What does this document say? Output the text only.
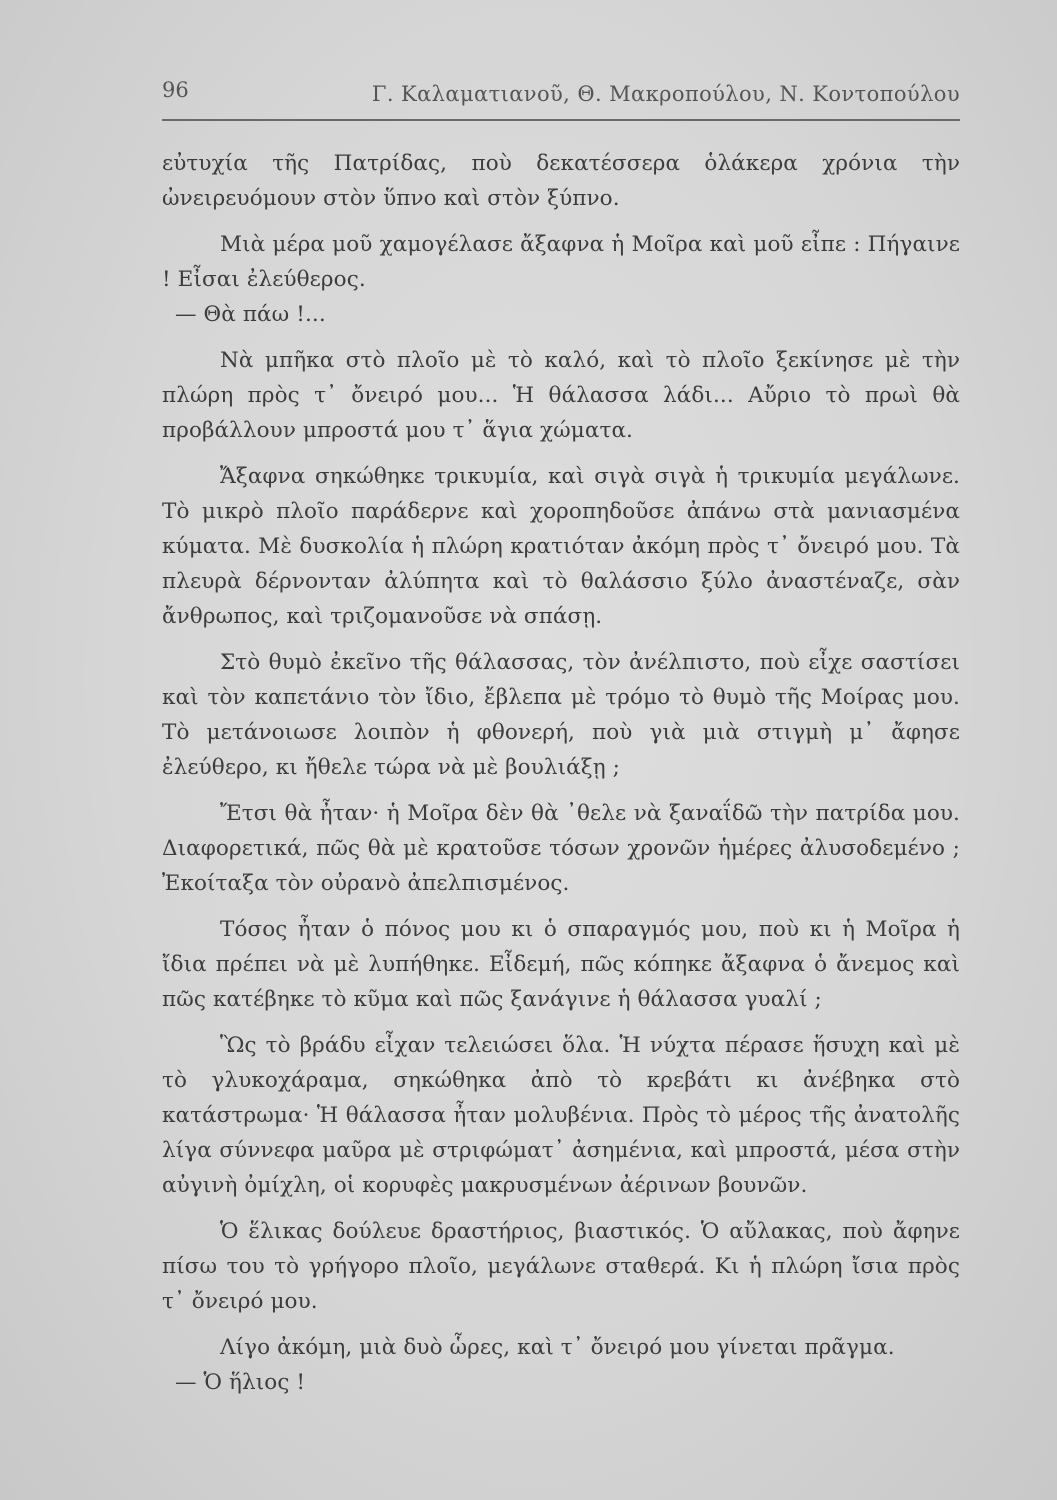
96	Γ. Καλαματιανοῦ, Θ. Μακροπούλου, Ν. Κοντοπούλου

εὐτυχία τῆς Πατρίδας, ποὺ δεκατέσσερα ὁλάκερα χρόνια τὴν ὠνειρευόμουν στὸν ὕπνο καὶ στὸν ξύπνο.

Μιὰ μέρα μοῦ χαμογέλασε ἄξαφνα ἡ Μοῖρα καὶ μοῦ εἶπε : Πήγαινε ! Εἶσαι ἐλεύθερος.

— Θὰ πάω !...

Νὰ μπῆκα στὸ πλοῖο μὲ τὸ καλό, καὶ τὸ πλοῖο ξεκίνησε μὲ τὴν πλώρη πρὸς τ᾽ ὄνειρό μου... Ἡ θάλασσα λάδι... Αὔριο τὸ πρωὶ θὰ προβάλλουν μπροστά μου τ᾽ ἅγια χώματα.

Ἄξαφνα σηκώθηκε τρικυμία, καὶ σιγὰ σιγὰ ἡ τρικυμία μεγάλωνε. Τὸ μικρὸ πλοῖο παράδερνε καὶ χοροπηδοῦσε ἀπάνω στὰ μανιασμένα κύματα. Μὲ δυσκολία ἡ πλώρη κρατιόταν ἀκόμη πρὸς τ᾽ ὄνειρό μου. Τὰ πλευρὰ δέρνονταν ἀλύπητα καὶ τὸ θαλάσσιο ξύλο ἀναστέναζε, σὰν ἄνθρωπος, καὶ τριζομανοῦσε νὰ σπάσῃ.

Στὸ θυμὸ ἐκεῖνο τῆς θάλασσας, τὸν ἀνέλπιστο, ποὺ εἶχε σαστίσει καὶ τὸν καπετάνιο τὸν ἴδιο, ἔβλεπα μὲ τρόμο τὸ θυμὸ τῆς Μοίρας μου. Τὸ μετάνοιωσε λοιπὸν ἡ φθονερή, ποὺ γιὰ μιὰ στιγμὴ μ᾽ ἄφησε ἐλεύθερο, κι ἤθελε τώρα νὰ μὲ βουλιάξῃ ;

Ἔτσι θὰ ἦταν· ἡ Μοῖρα δὲν θὰ ᾽θελε νὰ ξαναΐδῶ τὴν πατρίδα μου. Διαφορετικά, πῶς θὰ μὲ κρατοῦσε τόσων χρονῶν ἡμέρες ἀλυσοδεμένο ; Ἐκοίταξα τὸν οὐρανὸ ἀπελπισμένος.

Τόσος ἦταν ὁ πόνος μου κι ὁ σπαραγμός μου, ποὺ κι ἡ Μοῖρα ἡ ἴδια πρέπει νὰ μὲ λυπήθηκε. Εἶδεμή, πῶς κόπηκε ἄξαφνα ὁ ἄνεμος καὶ πῶς κατέβηκε τὸ κῦμα καὶ πῶς ξανάγινε ἡ θάλασσα γυαλί ;

Ὣς τὸ βράδυ εἶχαν τελειώσει ὅλα. Ἡ νύχτα πέρασε ἥσυχη καὶ μὲ τὸ γλυκοχάραμα, σηκώθηκα ἀπὸ τὸ κρεβάτι κι ἀνέβηκα στὸ κατάστρωμα· Ἡ θάλασσα ἦταν μολυβένια. Πρὸς τὸ μέρος τῆς ἀνατολῆς λίγα σύννεφα μαῦρα μὲ στριφώματ᾽ ἀσημένια, καὶ μπροστά, μέσα στὴν αὐγινὴ ὀμίχλη, οἱ κορυφὲς μακρυσμένων ἀέρινων βουνῶν.

Ὁ ἕλικας δούλευε δραστήριος, βιαστικός. Ὁ αὔλακας, ποὺ ἄφηνε πίσω του τὸ γρήγορο πλοῖο, μεγάλωνε σταθερά. Κι ἡ πλώρη ἴσια πρὸς τ᾽ ὄνειρό μου.

Λίγο ἀκόμη, μιὰ δυὸ ὧρες, καὶ τ᾽ ὄνειρό μου γίνεται πρᾶγμα.

— Ὁ ἥλιος !
